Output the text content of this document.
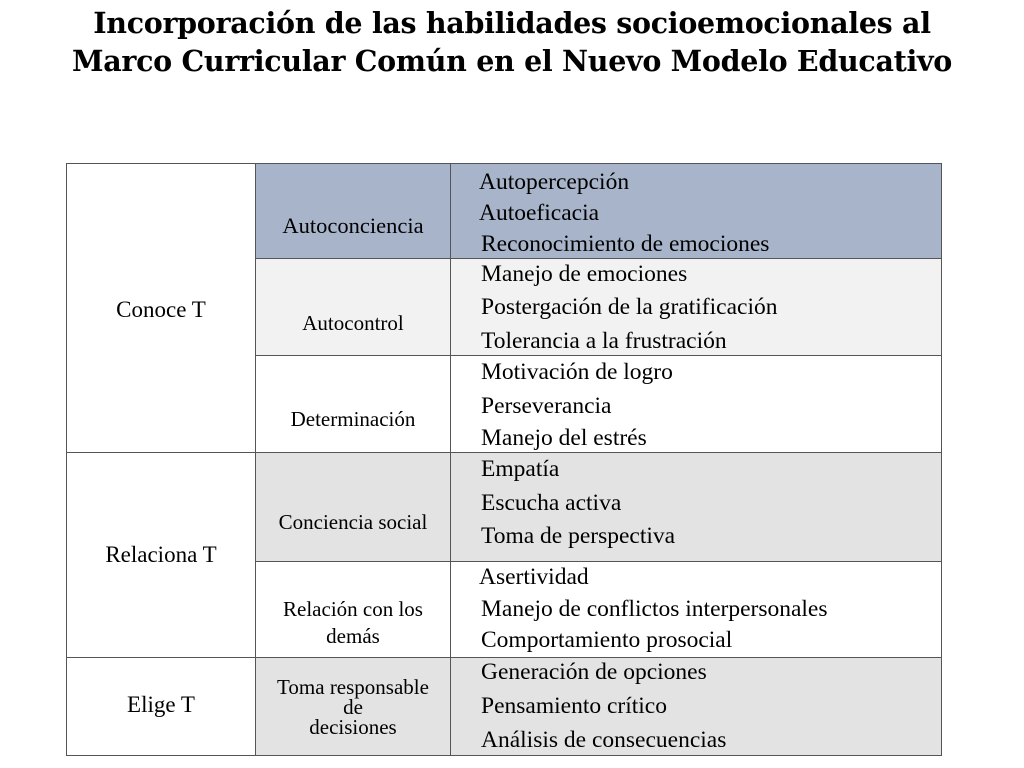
Incorporación de las habilidades socioemocionales al
Marco Curricular Común en el Nuevo Modelo Educativo
Conoce T
Autoconciencia
Autopercepción
Autoeficacia
Reconocimiento de emociones
Autocontrol
Manejo de emociones
Postergación de la gratificación
Tolerancia a la frustración
Determinación
Motivación de logro
Perseverancia
Manejo del estrés
Relaciona T
Conciencia social
Empatía
Escucha activa
Toma de perspectiva
Relación con los
demás
Asertividad
Manejo de conflictos interpersonales
Comportamiento prosocial
Elige T
Toma responsable
de
decisiones
Generación de opciones
Pensamiento crítico
Análisis de consecuencias
